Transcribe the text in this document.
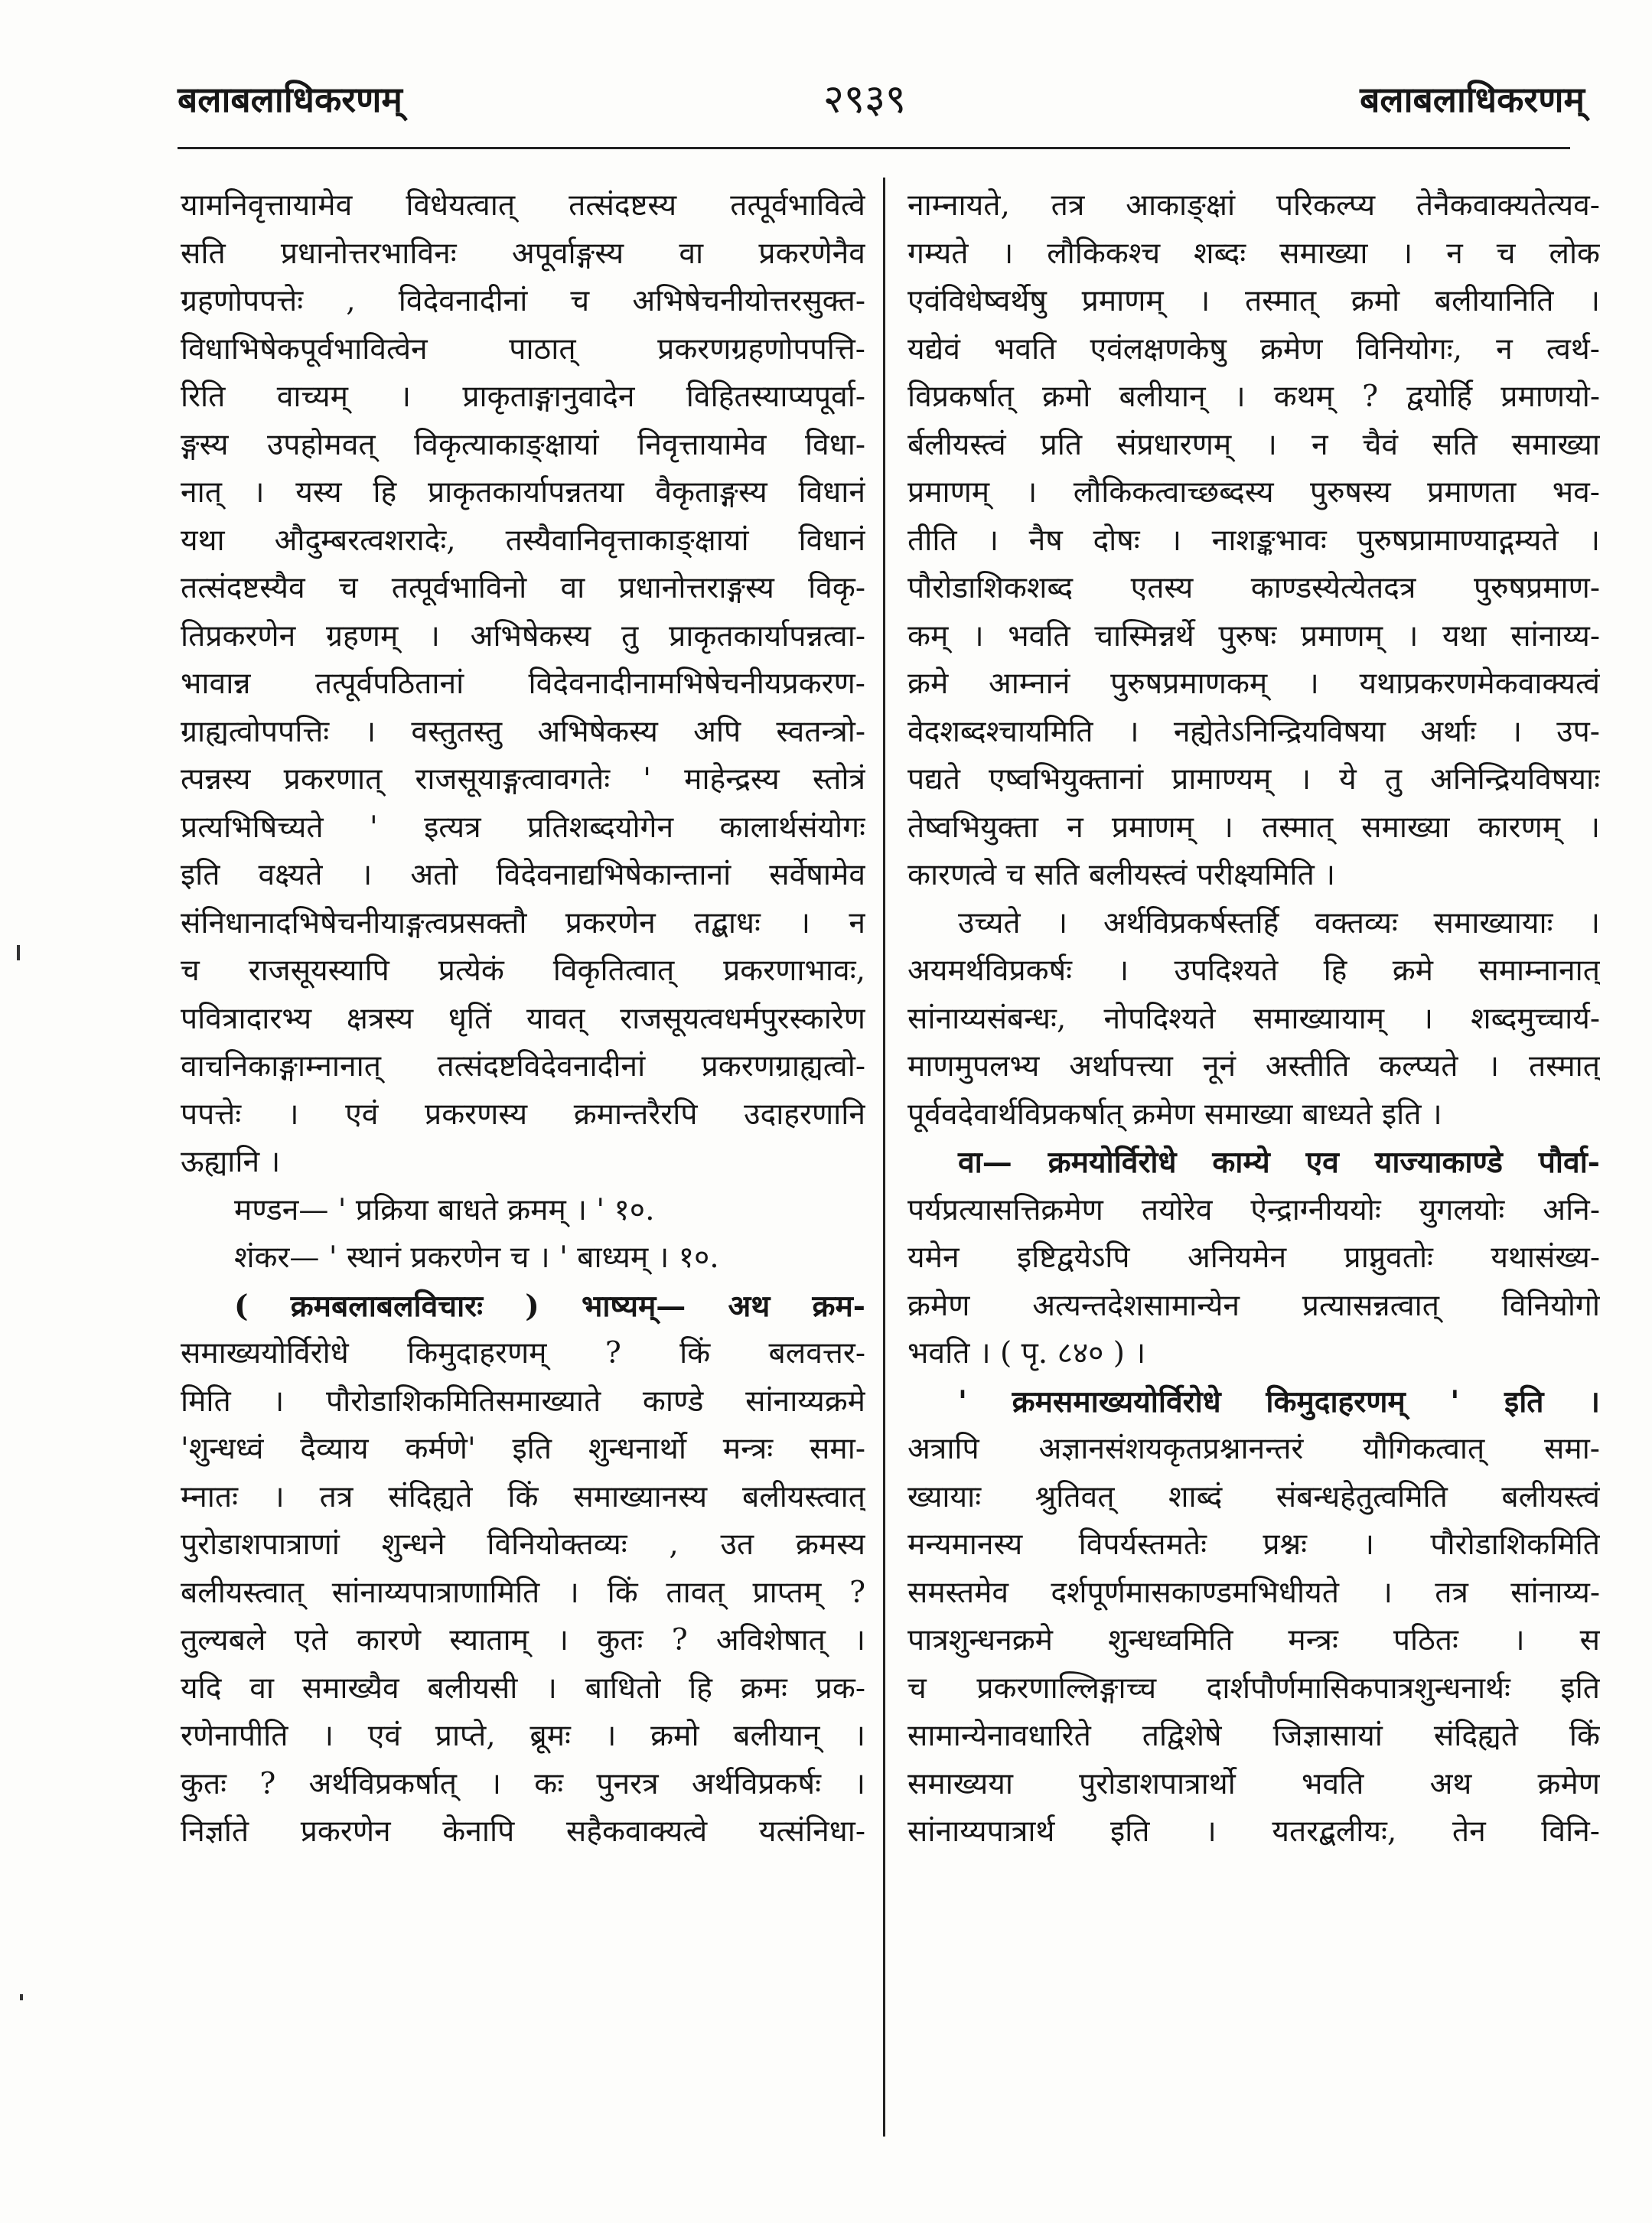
बलाबलाधिकरणम्	२९३९	बलाबलाधिकरणम्
यामनिवृत्तायामेव विधेयत्वात् तत्संदष्टस्य तत्पूर्वभावित्वे
सति प्रधानोत्तरभाविनः अपूर्वाङ्गस्य वा प्रकरणेनैव
ग्रहणोपपत्तेः , विदेवनादीनां च अभिषेचनीयोत्तरसुक्त-
विधाभिषेकपूर्वभावित्वेन पाठात् प्रकरणग्रहणोपपत्ति-
रिति वाच्यम् । प्राकृताङ्गानुवादेन विहितस्याप्यपूर्वा-
ङ्गस्य उपहोमवत् विकृत्याकाङ्क्षायां निवृत्तायामेव विधा-
नात् । यस्य हि प्राकृतकार्यापन्नतया वैकृताङ्गस्य विधानं
यथा औदुम्बरत्वशरादेः, तस्यैवानिवृत्ताकाङ्क्षायां विधानं
तत्संदष्टस्यैव च तत्पूर्वभाविनो वा प्रधानोत्तराङ्गस्य विकृ-
तिप्रकरणेन ग्रहणम् । अभिषेकस्य तु प्राकृतकार्यापन्नत्वा-
भावान्न तत्पूर्वपठितानां विदेवनादीनामभिषेचनीयप्रकरण-
ग्राह्यत्वोपपत्तिः । वस्तुतस्तु अभिषेकस्य अपि स्वतन्त्रो-
त्पन्नस्य प्रकरणात् राजसूयाङ्गत्वावगतेः ' माहेन्द्रस्य स्तोत्रं
प्रत्यभिषिच्यते ' इत्यत्र प्रतिशब्दयोगेन कालार्थसंयोगः
इति वक्ष्यते । अतो विदेवनाद्यभिषेकान्तानां सर्वेषामेव
संनिधानादभिषेचनीयाङ्गत्वप्रसक्तौ प्रकरणेन तद्बाधः । न
च राजसूयस्यापि प्रत्येकं विकृतित्वात् प्रकरणाभावः,
पवित्रादारभ्य क्षत्रस्य धृतिं यावत् राजसूयत्वधर्मपुरस्कारेण
वाचनिकाङ्गाम्नानात् तत्संदष्टविदेवनादीनां प्रकरणग्राह्यत्वो-
पपत्तेः । एवं प्रकरणस्य क्रमान्तरैरपि उदाहरणानि
ऊह्यानि ।
मण्डन— ' प्रक्रिया बाधते क्रमम् । ' १०.
शंकर— ' स्थानं प्रकरणेन च । ' बाध्यम् । १०.
( क्रमबलाबलविचारः ) भाष्यम्— अथ क्रम-
समाख्ययोर्विरोधे किमुदाहरणम् ? किं बलवत्तर-
मिति । पौरोडाशिकमितिसमाख्याते काण्डे सांनाय्यक्रमे
'शुन्धध्वं दैव्याय कर्मणे' इति शुन्धनार्थो मन्त्रः समा-
म्नातः । तत्र संदिह्यते किं समाख्यानस्य बलीयस्त्वात्
पुरोडाशपात्राणां शुन्धने विनियोक्तव्यः , उत क्रमस्य
बलीयस्त्वात् सांनाय्यपात्राणामिति । किं तावत् प्राप्तम् ?
तुल्यबले एते कारणे स्याताम् । कुतः ? अविशेषात् ।
यदि वा समाख्यैव बलीयसी । बाधितो हि क्रमः प्रक-
रणेनापीति । एवं प्राप्ते, ब्रूमः । क्रमो बलीयान् ।
कुतः ? अर्थविप्रकर्षात् । कः पुनरत्र अर्थविप्रकर्षः ।
निर्ज्ञाते प्रकरणेन केनापि सहैकवाक्यत्वे यत्संनिधा-
नाम्नायते, तत्र आकाङ्क्षां परिकल्प्य तेनैकवाक्यतेत्यव-
गम्यते । लौकिकश्च शब्दः समाख्या । न च लोक
एवंविधेष्वर्थेषु प्रमाणम् । तस्मात् क्रमो बलीयानिति ।
यद्येवं भवति एवंलक्षणकेषु क्रमेण विनियोगः, न त्वर्थ-
विप्रकर्षात् क्रमो बलीयान् । कथम् ? द्वयोर्हि प्रमाणयो-
र्बलीयस्त्वं प्रति संप्रधारणम् । न चैवं सति समाख्या
प्रमाणम् । लौकिकत्वाच्छब्दस्य पुरुषस्य प्रमाणता भव-
तीति । नैष दोषः । नाशङ्कभावः पुरुषप्रामाण्याद्गम्यते ।
पौरोडाशिकशब्द एतस्य काण्डस्येत्येतदत्र पुरुषप्रमाण-
कम् । भवति चास्मिन्नर्थे पुरुषः प्रमाणम् । यथा सांनाय्य-
क्रमे आम्नानं पुरुषप्रमाणकम् । यथाप्रकरणमेकवाक्यत्वं
वेदशब्दश्चायमिति । नह्येतेऽनिन्द्रियविषया अर्थाः । उप-
पद्यते एष्वभियुक्तानां प्रामाण्यम् । ये तु अनिन्द्रियविषयाः
तेष्वभियुक्ता न प्रमाणम् । तस्मात् समाख्या कारणम् ।
कारणत्वे च सति बलीयस्त्वं परीक्ष्यमिति ।
उच्यते । अर्थविप्रकर्षस्तर्हि वक्तव्यः समाख्यायाः ।
अयमर्थविप्रकर्षः । उपदिश्यते हि क्रमे समाम्नानात्
सांनाय्यसंबन्धः, नोपदिश्यते समाख्यायाम् । शब्दमुच्चार्य-
माणमुपलभ्य अर्थापत्त्या नूनं अस्तीति कल्प्यते । तस्मात्
पूर्ववदेवार्थविप्रकर्षात् क्रमेण समाख्या बाध्यते इति ।
वा— क्रमयोर्विरोधे काम्ये एव याज्याकाण्डे पौर्वा-
पर्यप्रत्यासत्तिक्रमेण तयोरेव ऐन्द्राग्नीययोः युगलयोः अनि-
यमेन इष्टिद्वयेऽपि अनियमेन प्राप्नुवतोः यथासंख्य-
क्रमेण अत्यन्तदेशसामान्येन प्रत्यासन्नत्वात् विनियोगो
भवति । ( पृ. ८४० ) ।
' क्रमसमाख्ययोर्विरोधे किमुदाहरणम् ' इति ।
अत्रापि अज्ञानसंशयकृतप्रश्नानन्तरं यौगिकत्वात् समा-
ख्यायाः श्रुतिवत् शाब्दं संबन्धहेतुत्वमिति बलीयस्त्वं
मन्यमानस्य विपर्यस्तमतेः प्रश्नः । पौरोडाशिकमिति
समस्तमेव दर्शपूर्णमासकाण्डमभिधीयते । तत्र सांनाय्य-
पात्रशुन्धनक्रमे शुन्धध्वमिति मन्त्रः पठितः । स
च प्रकरणाल्लिङ्गाच्च दार्शपौर्णमासिकपात्रशुन्धनार्थः इति
सामान्येनावधारिते तद्विशेषे जिज्ञासायां संदिह्यते किं
समाख्यया पुरोडाशपात्रार्थो भवति अथ क्रमेण
सांनाय्यपात्रार्थ इति । यतरद्बलीयः, तेन विनि-
